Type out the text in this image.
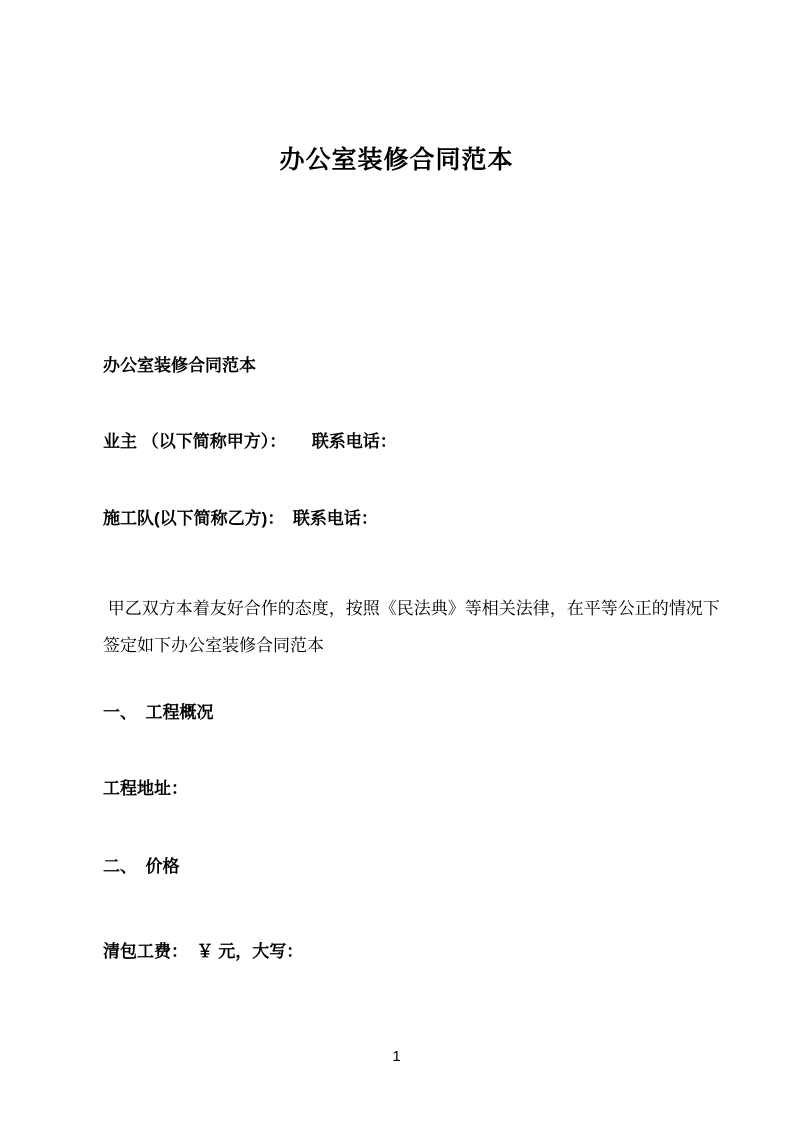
办公室装修合同范本

办公室装修合同范本

业主 （以下简称甲方）：　　联系电话：

施工队(以下简称乙方)：　联系电话：

甲乙双方本着友好合作的态度，按照《民法典》等相关法律，在平等公正的情况下签定如下办公室装修合同范本

一、　工程概况

工程地址：

二、　价格

清包工费：　￥ 元，大写：

1
